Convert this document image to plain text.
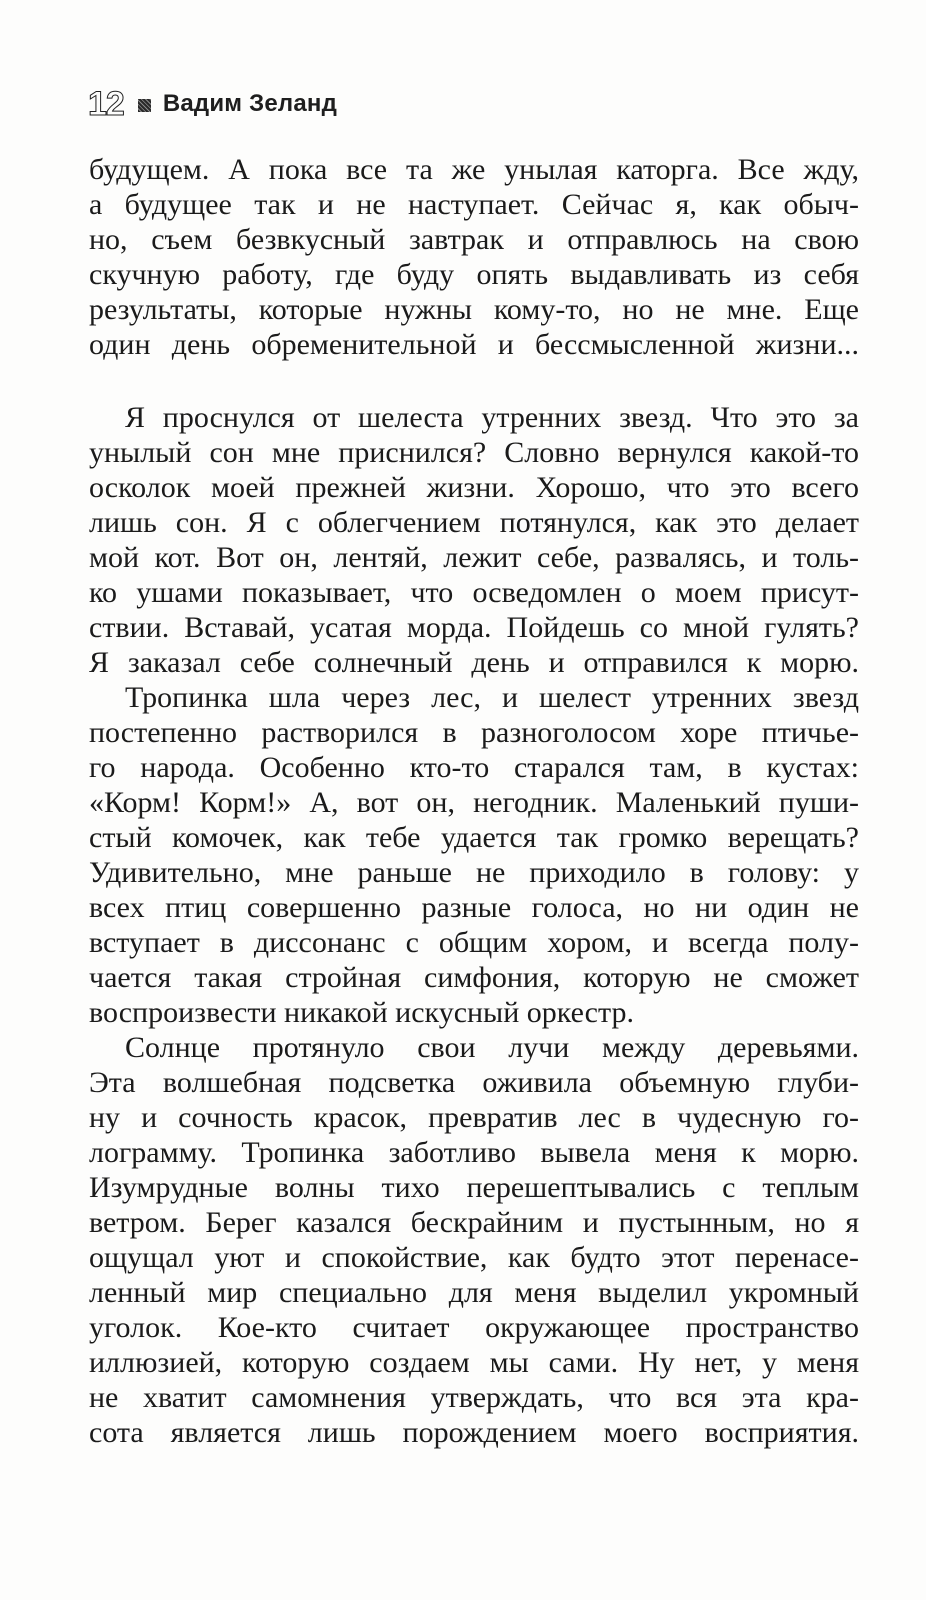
12 Вадим Зеланд
будущем. А пока все та же унылая каторга. Все жду,
а будущее так и не наступает. Сейчас я, как обыч-
но, съем безвкусный завтрак и отправлюсь на свою
скучную работу, где буду опять выдавливать из себя
результаты, которые нужны кому-то, но не мне. Еще
один день обременительной и бессмысленной жизни...
Я проснулся от шелеста утренних звезд. Что это за
унылый сон мне приснился? Словно вернулся какой-то
осколок моей прежней жизни. Хорошо, что это всего
лишь сон. Я с облегчением потянулся, как это делает
мой кот. Вот он, лентяй, лежит себе, развалясь, и толь-
ко ушами показывает, что осведомлен о моем присут-
ствии. Вставай, усатая морда. Пойдешь со мной гулять?
Я заказал себе солнечный день и отправился к морю.
Тропинка шла через лес, и шелест утренних звезд
постепенно растворился в разноголосом хоре птичье-
го народа. Особенно кто-то старался там, в кустах:
«Корм! Корм!» А, вот он, негодник. Маленький пуши-
стый комочек, как тебе удается так громко верещать?
Удивительно, мне раньше не приходило в голову: у
всех птиц совершенно разные голоса, но ни один не
вступает в диссонанс с общим хором, и всегда полу-
чается такая стройная симфония, которую не сможет
воспроизвести никакой искусный оркестр.
Солнце протянуло свои лучи между деревьями.
Эта волшебная подсветка оживила объемную глуби-
ну и сочность красок, превратив лес в чудесную го-
лограмму. Тропинка заботливо вывела меня к морю.
Изумрудные волны тихо перешептывались с теплым
ветром. Берег казался бескрайним и пустынным, но я
ощущал уют и спокойствие, как будто этот перенасе-
ленный мир специально для меня выделил укромный
уголок. Кое-кто считает окружающее пространство
иллюзией, которую создаем мы сами. Ну нет, у меня
не хватит самомнения утверждать, что вся эта кра-
сота является лишь порождением моего восприятия.
